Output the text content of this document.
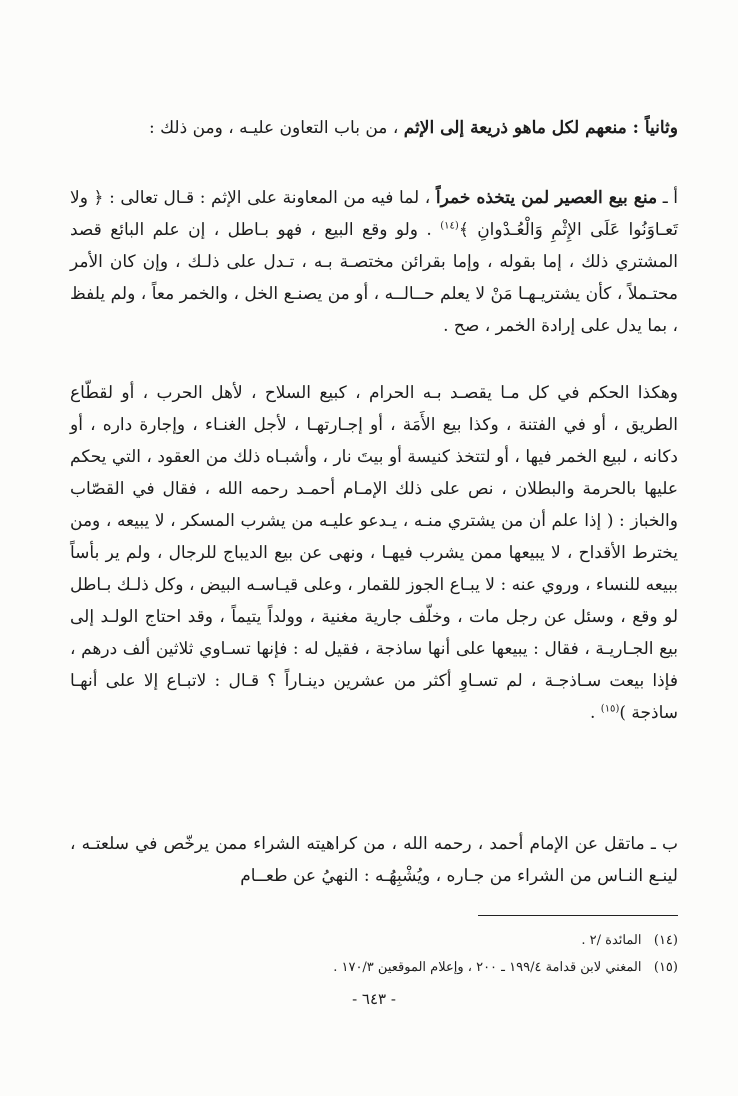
وثانياً : منعهم لكل ماهو ذريعة إلى الإثم ، من باب التعاون عليـه ، ومن ذلك :

أ ـ منع بيع العصير لمن يتخذه خمراً ، لما فيه من المعاونة على الإثم : قـال تعالى : ﴿ ولا تَعـاوَنُوا عَلَى الإِثْمِ وَالْعُـدْوانِ ﴾$^{(١٤)}$ . ولو وقع البيع ، فهو بـاطل ، إن علم البائع قصد المشتري ذلك ، إما بقوله ، وإما بقرائن مختصـة بـه ، تـدل على ذلـك ، وإن كان الأمر محتـملاً ، كأن يشتريـهـا مَنْ لا يعلم حــالــه ، أو من يصنـع الخل ، والخمر معاً ، ولم يلفظ ، بما يدل على إرادة الخمر ، صح .

وهكذا الحكم في كل مـا يقصـد بـه الحرام ، كبيع السلاح ، لأهل الحرب ، أو لقطّاع الطريق ، أو في الفتنة ، وكذا بيع الأَمَة ، أو إجـارتهـا ، لأجل الغنـاء ، وإجارة داره ، أو دكانه ، لبيع الخمر فيها ، أو لتتخذ كنيسة أو بيتَ نار ، وأشبـاه ذلك من العقود ، التي يحكم عليها بالحرمة والبطلان ، نص على ذلك الإمـام أحمـد رحمه الله ، فقال في القصّاب والخباز : ( إذا علم أن من يشتري منـه ، يـدعو عليـه من يشرب المسكر ، لا يبيعه ، ومن يخترط الأقداح ، لا يبيعها ممن يشرب فيهـا ، ونهى عن بيع الديباج للرجال ، ولم ير بأساً ببيعه للنساء ، وروي عنه : لا يبـاع الجوز للقمار ، وعلى قيـاسـه البيض ، وكل ذلـك بـاطل لو وقع ، وسئل عن رجل مات ، وخلّف جارية مغنية ، وولداً يتيماً ، وقد احتاج الولـد إلى بيع الجـاريـة ، فقال : يبيعها على أنها ساذجة ، فقيل له : فإنها تسـاوي ثلاثين ألف درهم ، فإذا بيعت سـاذجـة ، لم تسـاوِ أكثر من عشرين دينـاراً ؟ قـال : لاتبـاع إلا على أنهـا ساذجة )$^{(١٥)}$ .

ب ـ ماتقل عن الإمام أحمد ، رحمه الله ، من كراهيته الشراء ممن يرخّص في سلعتـه ، لينـع النـاس من الشراء من جـاره ، ويُشْبِهُـه : النهيُ عن طعــام

(١٤)   المائدة /٢ .

(١٥)   المغني لابن قدامة ١٩٩/٤ ـ ٢٠٠ ، وإعلام الموقعين ١٧٠/٣ .

- ٦٤٣ -
